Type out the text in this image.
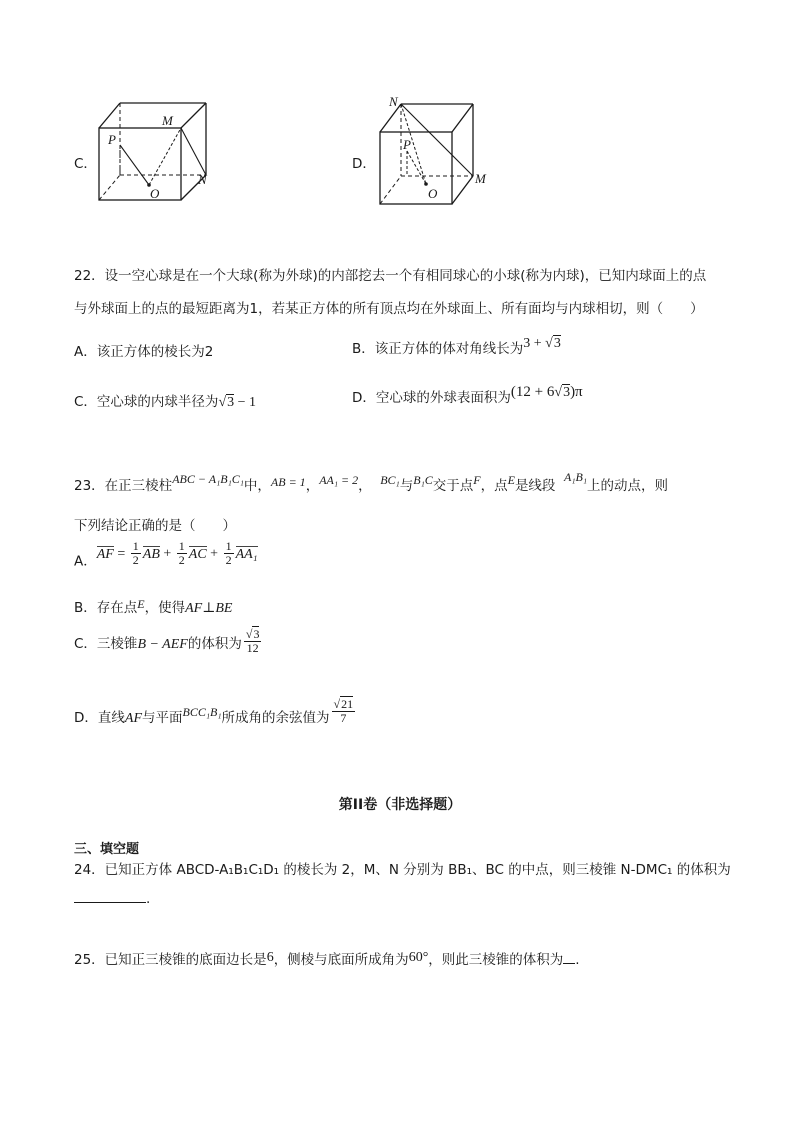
C．
M
P
N
O
D．
N
P
M
O
22．设一空心球是在一个大球(称为外球)的内部挖去一个有相同球心的小球(称为内球)，已知内球面上的点
与外球面上的点的最短距离为1，若某正方体的所有顶点均在外球面上、所有面均与内球相切，则（　　）
A．该正方体的棱长为2	B．该正方体的体对角线长为3 + √3
C．空心球的内球半径为√3 − 1	D．空心球的外球表面积为(12 + 6√3)π
23．在正三棱柱ABC − A₁B₁C₁中，AB = 1，AA₁ = 2， BC₁与B₁C交于点F，点E是线段  A₁B₁上的动点，则
下列结论正确的是（　　）
A．AF = $\frac{1}{2}$ AB + $\frac{1}{2}$ AC + $\frac{1}{2} AA_1$
B．存在点E，使得AF⊥BE
C．三棱锥B − AEF的体积为 $\frac{√3}{12}$
D．直线AF与平面BCC₁B₁所成角的余弦值为 $\frac{√21}{7}$
第II卷（非选择题）
三、填空题
24．已知正方体 ABCD-A₁B₁C₁D₁ 的棱长为 2，M、N 分别为 BB₁、BC 的中点，则三棱锥 N-DMC₁ 的体积为
.
25．已知正三棱锥的底面边长是6，侧棱与底面所成角为60°，则此三棱锥的体积为 .
